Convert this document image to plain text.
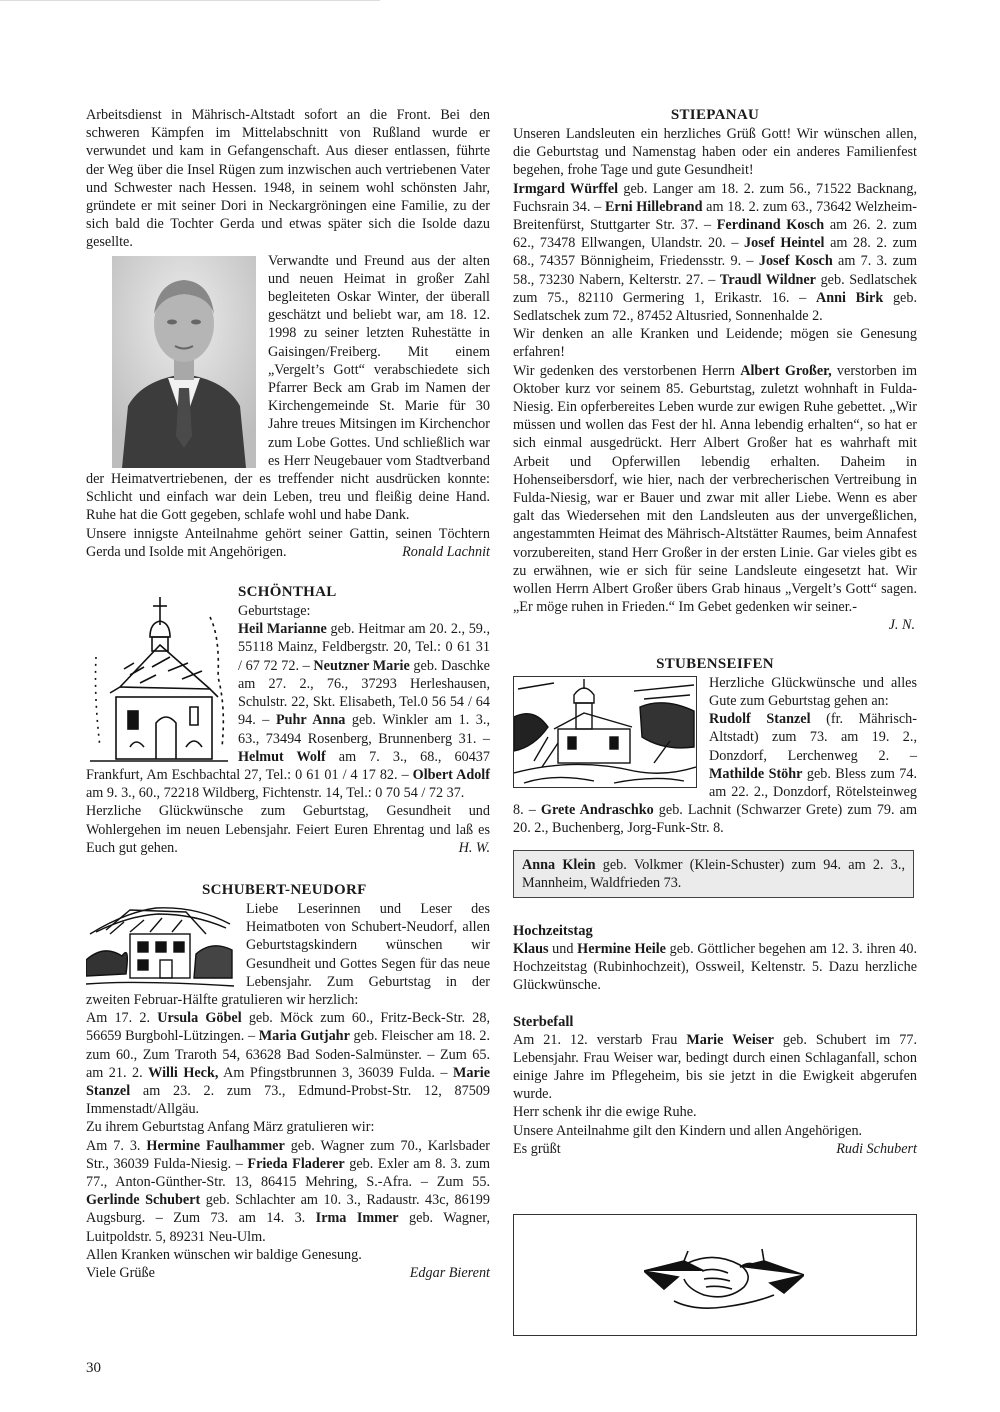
Arbeitsdienst in Mährisch-Altstadt sofort an die Front. Bei den schweren Kämpfen im Mittelabschnitt von Rußland wurde er verwundet und kam in Gefangenschaft. Aus dieser entlassen, führte der Weg über die Insel Rügen zum inzwischen auch vertriebenen Vater und Schwester nach Hessen. 1948, in seinem wohl schönsten Jahr, gründete er mit seiner Dori in Neckargröningen eine Familie, zu der sich bald die Tochter Gerda und etwas später sich die Isolde dazu gesellte.

Verwandte und Freund aus der alten und neuen Heimat in großer Zahl begleiteten Oskar Winter, der überall geschätzt und beliebt war, am 18. 12. 1998 zu seiner letzten Ruhestätte in Gaisingen/Freiberg. Mit einem „Vergelt’s Gott“ verabschiedete sich Pfarrer Beck am Grab im Namen der Kirchengemeinde St. Marie für 30 Jahre treues Mitsingen im Kirchenchor zum Lobe Gottes. Und schließlich war es Herr Neugebauer vom Stadtverband der Heimatvertriebenen, der es treffender nicht ausdrücken konnte: Schlicht und einfach war dein Leben, treu und fleißig deine Hand. Ruhe hat die Gott gegeben, schlafe wohl und habe Dank.

Unsere innigste Anteilnahme gehört seiner Gattin, seinen Töchtern Gerda und Isolde mit Angehörigen.	Ronald Lachnit

SCHÖNTHAL

Geburtstage:
Heil Marianne geb. Heitmar am 20. 2., 59., 55118 Mainz, Feldbergstr. 20, Tel.: 0 61 31 / 67 72 72. – Neutzner Marie geb. Daschke am 27. 2., 76., 37293 Herleshausen, Schulstr. 22, Skt. Elisabeth, Tel.0 56 54 / 64 94. – Puhr Anna geb. Winkler am 1. 3., 63., 73494 Rosenberg, Brunnenberg 31. – Helmut Wolf am 7. 3., 68., 60437 Frankfurt, Am Eschbachtal 27, Tel.: 0 61 01 / 4 17 82. – Olbert Adolf am 9. 3., 60., 72218 Wildberg, Fichtenstr. 14, Tel.: 0 70 54 / 72 37.

Herzliche Glückwünsche zum Geburtstag, Gesundheit und Wohlergehen im neuen Lebensjahr. Feiert Euren Ehrentag und laß es Euch gut gehen.	H. W.

SCHUBERT-NEUDORF

Liebe Leserinnen und Leser des Heimatboten von Schubert-Neudorf, allen Geburtstagskindern wünschen wir Gesundheit und Gottes Segen für das neue Lebensjahr. Zum Geburtstag in der zweiten Februar-Hälfte gratulieren wir herzlich:

Am 17. 2. Ursula Göbel geb. Möck zum 60., Fritz-Beck-Str. 28, 56659 Burgbohl-Lützingen. – Maria Gutjahr geb. Fleischer am 18. 2. zum 60., Zum Traroth 54, 63628 Bad Soden-Salmünster. – Zum 65. am 21. 2. Willi Heck, Am Pfingstbrunnen 3, 36039 Fulda. – Marie Stanzel am 23. 2. zum 73., Edmund-Probst-Str. 12, 87509 Immenstadt/Allgäu.

Zu ihrem Geburtstag Anfang März gratulieren wir:

Am 7. 3. Hermine Faulhammer geb. Wagner zum 70., Karlsbader Str., 36039 Fulda-Niesig. – Frieda Fladerer geb. Exler am 8. 3. zum 77., Anton-Günther-Str. 13, 86415 Mehring, S.-Afra. – Zum 55. Gerlinde Schubert geb. Schlachter am 10. 3., Radaustr. 43c, 86199 Augsburg. – Zum 73. am 14. 3. Irma Immer geb. Wagner, Luitpoldstr. 5, 89231 Neu-Ulm.

Allen Kranken wünschen wir baldige Genesung.

Viele Grüße	Edgar Bierent

STIEPANAU

Unseren Landsleuten ein herzliches Grüß Gott! Wir wünschen allen, die Geburtstag und Namenstag haben oder ein anderes Familienfest begehen, frohe Tage und gute Gesundheit!

Irmgard Würffel geb. Langer am 18. 2. zum 56., 71522 Backnang, Fuchsrain 34. – Erni Hillebrand am 18. 2. zum 63., 73642 Welzheim-Breitenfürst, Stuttgarter Str. 37. – Ferdinand Kosch am 26. 2. zum 62., 73478 Ellwangen, Ulandstr. 20. – Josef Heintel am 28. 2. zum 68., 74357 Bönnigheim, Friedensstr. 9. – Josef Kosch am 7. 3. zum 58., 73230 Nabern, Kelterstr. 27. – Traudl Wildner geb. Sedlatschek zum 75., 82110 Germering 1, Erikastr. 16. – Anni Birk geb. Sedlatschek zum 72., 87452 Altusried, Sonnenhalde 2.

Wir denken an alle Kranken und Leidende; mögen sie Genesung erfahren!

Wir gedenken des verstorbenen Herrn Albert Großer, verstorben im Oktober kurz vor seinem 85. Geburtstag, zuletzt wohnhaft in Fulda-Niesig. Ein opferbereites Leben wurde zur ewigen Ruhe gebettet. „Wir müssen und wollen das Fest der hl. Anna lebendig erhalten“, so hat er sich einmal ausgedrückt. Herr Albert Großer hat es wahrhaft mit Arbeit und Opferwillen lebendig erhalten. Daheim in Hohenseibersdorf, wie hier, nach der verbrecherischen Vertreibung in Fulda-Niesig, war er Bauer und zwar mit aller Liebe. Wenn es aber galt das Wiedersehen mit den Landsleuten aus der unvergeßlichen, angestammten Heimat des Mährisch-Altstätter Raumes, beim Annafest vorzubereiten, stand Herr Großer in der ersten Linie. Gar vieles gibt es zu erwähnen, wie er sich für seine Landsleute eingesetzt hat. Wir wollen Herrn Albert Großer übers Grab hinaus „Vergelt’s Gott“ sagen. „Er möge ruhen in Frieden.“ Im Gebet gedenken wir seiner.-

J. N.

STUBENSEIFEN

Herzliche Glückwünsche und alles Gute zum Geburtstag gehen an:
Rudolf Stanzel (fr. Mährisch-Altstadt) zum 73. am 19. 2., Donzdorf, Lerchenweg 2. – Mathilde Stöhr geb. Bless zum 74. am 22. 2., Donzdorf, Rötelsteinweg 8. – Grete Andraschko geb. Lachnit (Schwarzer Grete) zum 79. am 20. 2., Buchenberg, Jorg-Funk-Str. 8.

Anna Klein geb. Volkmer (Klein-Schuster) zum 94. am 2. 3., Mannheim, Waldfrieden 73.
Hochzeitstag

Klaus und Hermine Heile geb. Göttlicher begehen am 12. 3. ihren 40. Hochzeitstag (Rubinhochzeit), Ossweil, Keltenstr. 5. Dazu herzliche Glückwünsche.

Sterbefall

Am 21. 12. verstarb Frau Marie Weiser geb. Schubert im 77. Lebensjahr. Frau Weiser war, bedingt durch einen Schlaganfall, schon einige Jahre im Pflegeheim, bis sie jetzt in die Ewigkeit abgerufen wurde.

Herr schenk ihr die ewige Ruhe.

Unsere Anteilnahme gilt den Kindern und allen Angehörigen.

Es grüßt	Rudi Schubert

30
